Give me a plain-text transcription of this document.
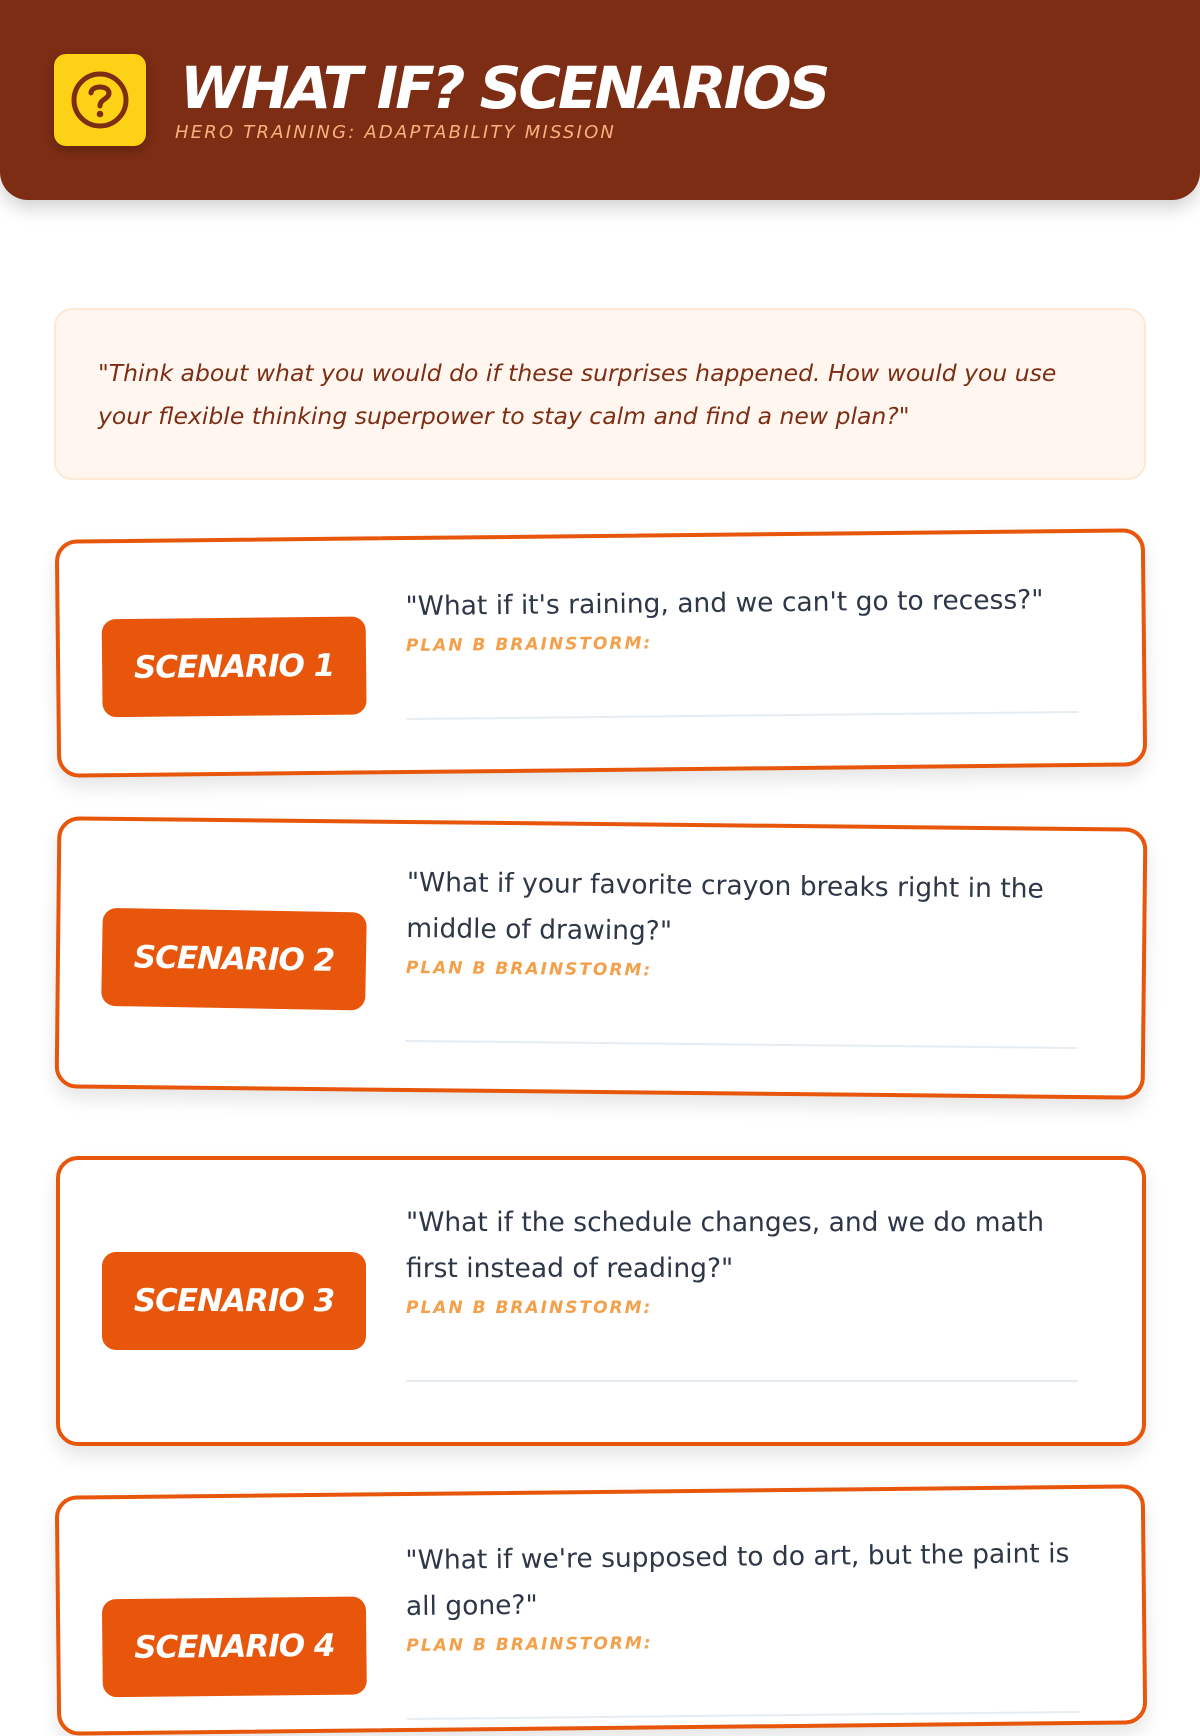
WHAT IF? SCENARIOS
HERO TRAINING: ADAPTABILITY MISSION

"Think about what you would do if these surprises happened. How would you use your flexible thinking superpower to stay calm and find a new plan?"

SCENARIO 1

"What if it's raining, and we can't go to recess?"

PLAN B BRAINSTORM:
SCENARIO 2

"What if your favorite crayon breaks right in the middle of drawing?"

PLAN B BRAINSTORM:
SCENARIO 3

"What if the schedule changes, and we do math first instead of reading?"

PLAN B BRAINSTORM:
SCENARIO 4

"What if we're supposed to do art, but the paint is all gone?"

PLAN B BRAINSTORM:
